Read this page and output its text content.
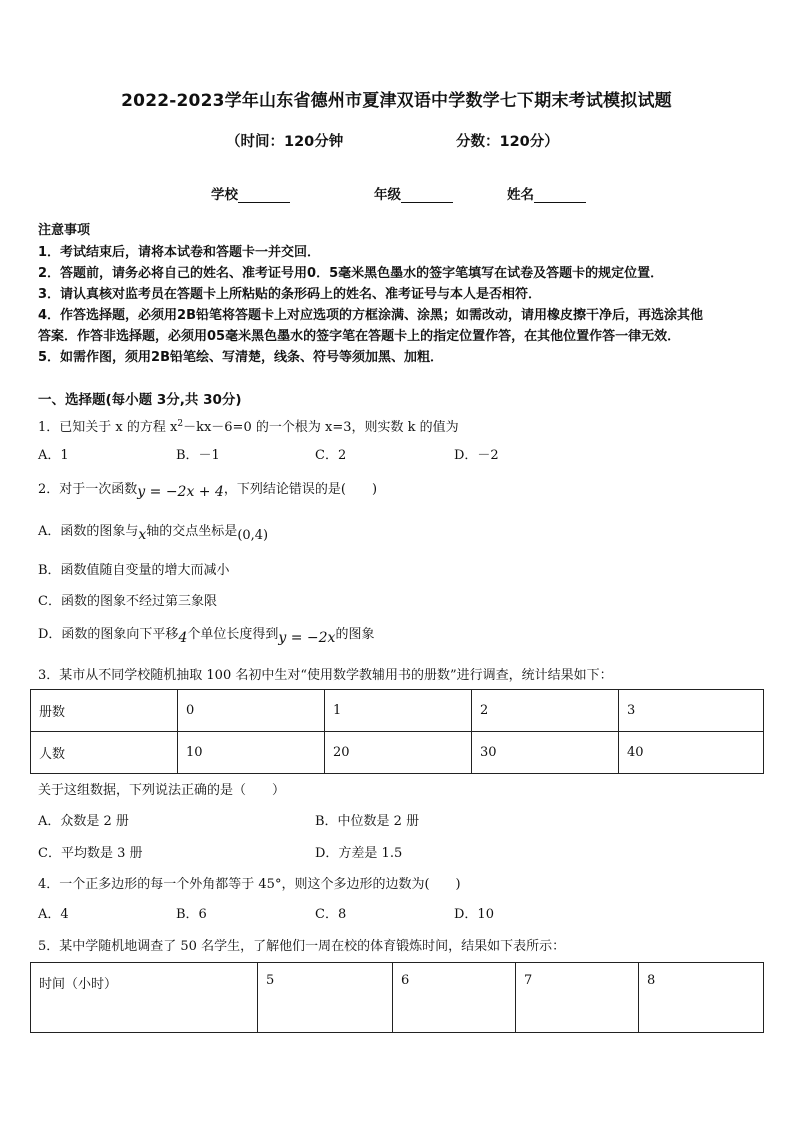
2022-2023学年山东省德州市夏津双语中学数学七下期末考试模拟试题
（时间：120分钟	分数：120分）
学校	年级	姓名
注意事项
1．考试结束后，请将本试卷和答题卡一并交回．
2．答题前，请务必将自己的姓名、准考证号用0．5毫米黑色墨水的签字笔填写在试卷及答题卡的规定位置．
3．请认真核对监考员在答题卡上所粘贴的条形码上的姓名、准考证号与本人是否相符．
4．作答选择题，必须用2B铅笔将答题卡上对应选项的方框涂满、涂黑；如需改动，请用橡皮擦干净后，再选涂其他
答案．作答非选择题，必须用05毫米黑色墨水的签字笔在答题卡上的指定位置作答，在其他位置作答一律无效．
5．如需作图，须用2B铅笔绘、写清楚，线条、符号等须加黑、加粗．
一、选择题(每小题 3分,共 30分)
1．已知关于 x 的方程 $x^2-kx-6=0$ 的一个根为 x=3，则实数 k 的值为
A．1	B．－1	C．2	D．－2
2．对于一次函数y = −2x + 4，下列结论错误的是(　　)
A．函数的图象与x轴的交点坐标是(0,4)
B．函数值随自变量的增大而减小
C．函数的图象不经过第三象限
D．函数的图象向下平移4个单位长度得到y = −2x的图象
3．某市从不同学校随机抽取 100 名初中生对“使用数学教辅用书的册数”进行调查，统计结果如下：
册数	0	1	2	3
人数	10	20	30	40
关于这组数据，下列说法正确的是（　　）
A．众数是 2 册	B．中位数是 2 册
C．平均数是 3 册	D．方差是 1.5
4．一个正多边形的每一个外角都等于 45°，则这个多边形的边数为(　　)
A．4	B．6	C．8	D．10
5．某中学随机地调查了 50 名学生，了解他们一周在校的体育锻炼时间，结果如下表所示：
时间（小时）	5	6	7	8
